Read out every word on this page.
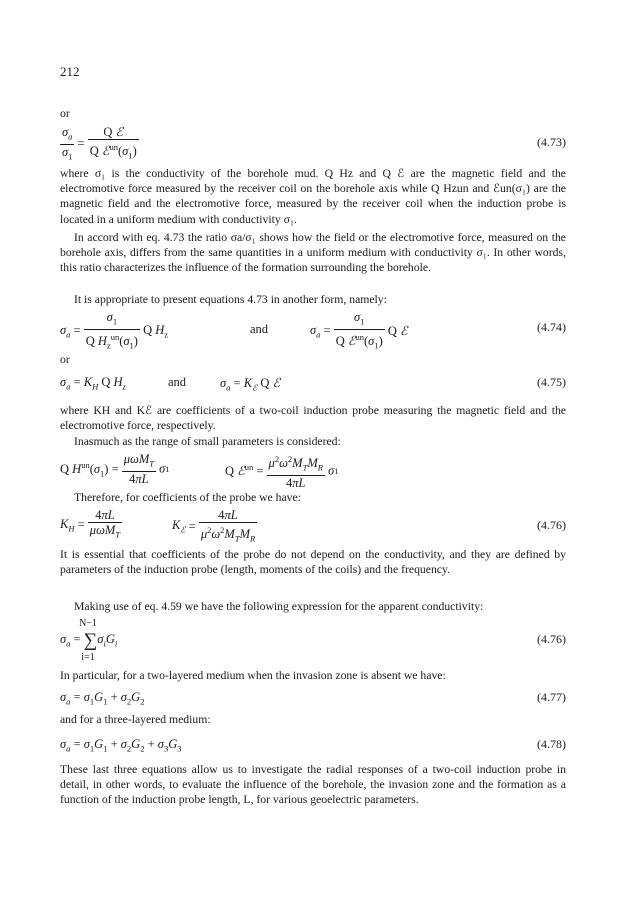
212
or
$\frac{\sigma_a}{\sigma_1} = \frac{\text{Q ℰ}}{Q ℰ^{un}(\sigma_1)}$	(4.73)

where σ₁ is the conductivity of the borehole mud. Q Hz and Q ℰ are the magnetic field and the electromotive force measured by the receiver coil on the borehole axis while Q Hzun and ℰun(σ₁) are the magnetic field and the electromotive force, measured by the receiver coil when the induction probe is located in a uniform medium with conductivity σ₁.

In accord with eq. 4.73 the ratio σa/σ₁ shows how the field or the electromotive force, measured on the borehole axis, differs from the same quantities in a uniform medium with conductivity σ₁. In other words, this ratio characterizes the influence of the formation surrounding the borehole.

It is appropriate to present equations 4.73 in another form, namely:

$\sigma_a = \frac{\sigma_1}{Q H_z^{un}(\sigma_1)}$ Q $H_z$	and	$\sigma_a = \frac{\sigma_1}{Q ℰ^{un}(\sigma_1)}$ Q ℰ	(4.74)
or
$\sigma_a = K_H$ Q $H_z$	and	$\sigma_a = K_ℰ$ Q ℰ	(4.75)

where KH and Kℰ are coefficients of a two-coil induction probe measuring the magnetic field and the electromotive force, respectively.

Inasmuch as the range of small parameters is considered:

Q $H^{un}(\sigma_1) = \frac{\mu\omega M_T}{4\pi L} \sigma 1$	Q ℰ$^{un}$ = $\frac{\mu^2\omega^2M_TM_R}{4\pi L} \sigma 1$

Therefore, for coefficients of the probe we have:

$K_H = \frac{4\pi L}{\mu\omega M_T}$	$K_ℰ = \frac{4\pi L}{\mu^2\omega^2M_TM_R}$	(4.76)

It is essential that coefficients of the probe do not depend on the conductivity, and they are defined by parameters of the induction probe (length, moments of the coils) and the frequency.

Making use of eq. 4.59 we have the following expression for the apparent conductivity:

N−1
$\sigma_a = \sum\sigma_iG_i$
i=1
(4.76)

In particular, for a two-layered medium when the invasion zone is absent we have:

$\sigma_a = \sigma_1G_1 + \sigma_2G_2$	(4.77)

and for a three-layered medium:

$\sigma_a = \sigma_1G_1 + \sigma_2G_2 + \sigma_3G_3$	(4.78)

These last three equations allow us to investigate the radial responses of a two-coil induction probe in detail, in other words, to evaluate the influence of the borehole, the invasion zone and the formation as a function of the induction probe length, L, for various geoelectric parameters.
